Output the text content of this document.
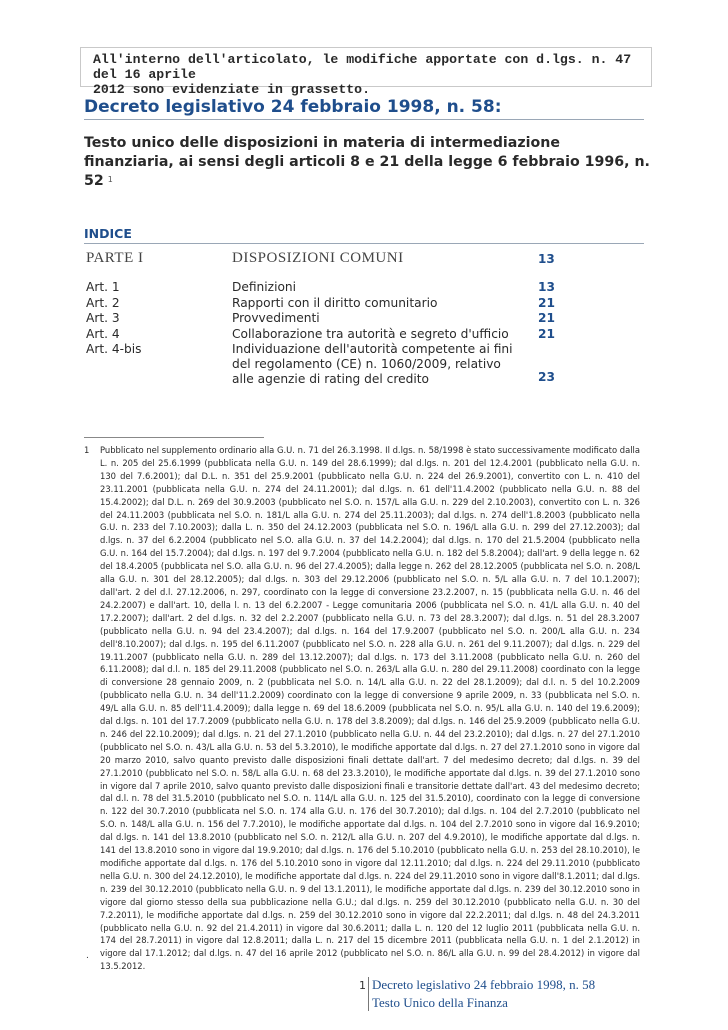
All'interno dell'articolato, le modifiche apportate con d.lgs. n. 47 del 16 aprile
2012 sono evidenziate in grassetto.

Decreto legislativo 24 febbraio 1998, n. 58:

Testo unico delle disposizioni in materia di intermediazione finanziaria, ai sensi degli articoli 8 e 21 della legge 6 febbraio 1996, n. 52 $^1$

INDICE
PARTE I	DISPOSIZIONI COMUNI	13
Art. 1	Definizioni	13
Art. 2	Rapporti con il diritto comunitario	21
Art. 3	Provvedimenti	21
Art. 4	Collaborazione tra autorità e segreto d'ufficio	21
Art. 4-bis	Individuazione dell'autorità competente ai fini del regolamento (CE) n. 1060/2009, relativo alle agenzie di rating del credito	23
1	Pubblicato nel supplemento ordinario alla G.U. n. 71 del 26.3.1998. Il d.lgs. n. 58/1998 è stato successivamente modificato dalla L. n. 205 del 25.6.1999 (pubblicata nella G.U. n. 149 del 28.6.1999); dal d.lgs. n. 201 del 12.4.2001 (pubblicato nella G.U. n. 130 del 7.6.2001); dal D.L. n. 351 del 25.9.2001 (pubblicato nella G.U. n. 224 del 26.9.2001), convertito con L. n. 410 del 23.11.2001 (pubblicata nella G.U. n. 274 del 24.11.2001); dal d.lgs. n. 61 dell'11.4.2002 (pubblicato nella G.U. n. 88 del 15.4.2002); dal D.L. n. 269 del 30.9.2003 (pubblicato nel S.O. n. 157/L alla G.U. n. 229 del 2.10.2003), convertito con L. n. 326 del 24.11.2003 (pubblicata nel S.O. n. 181/L alla G.U. n. 274 del 25.11.2003); dal d.lgs. n. 274 dell'1.8.2003 (pubblicato nella G.U. n. 233 del 7.10.2003); dalla L. n. 350 del 24.12.2003 (pubblicata nel S.O. n. 196/L alla G.U. n. 299 del 27.12.2003); dal d.lgs. n. 37 del 6.2.2004 (pubblicato nel S.O. alla G.U. n. 37 del 14.2.2004); dal d.lgs. n. 170 del 21.5.2004 (pubblicato nella G.U. n. 164 del 15.7.2004); dal d.lgs. n. 197 del 9.7.2004 (pubblicato nella G.U. n. 182 del 5.8.2004); dall'art. 9 della legge n. 62 del 18.4.2005 (pubblicata nel S.O. alla G.U. n. 96 del 27.4.2005); dalla legge n. 262 del 28.12.2005 (pubblicata nel S.O. n. 208/L alla G.U. n. 301 del 28.12.2005); dal d.lgs. n. 303 del 29.12.2006 (pubblicato nel S.O. n. 5/L alla G.U. n. 7 del 10.1.2007); dall'art. 2 del d.l. 27.12.2006, n. 297, coordinato con la legge di conversione 23.2.2007, n. 15 (pubblicata nella G.U. n. 46 del 24.2.2007) e dall'art. 10, della l. n. 13 del 6.2.2007 - Legge comunitaria 2006 (pubblicata nel S.O. n. 41/L alla G.U. n. 40 del 17.2.2007); dall'art. 2 del d.lgs. n. 32 del 2.2.2007 (pubblicato nella G.U. n. 73 del 28.3.2007); dal d.lgs. n. 51 del 28.3.2007 (pubblicato nella G.U. n. 94 del 23.4.2007); dal d.lgs. n. 164 del 17.9.2007 (pubblicato nel S.O. n. 200/L alla G.U. n. 234 dell'8.10.2007); dal d.lgs. n. 195 del 6.11.2007 (pubblicato nel S.O. n. 228 alla G.U. n. 261 del 9.11.2007); dal d.lgs. n. 229 del 19.11.2007 (pubblicato nella G.U. n. 289 del 13.12.2007); dal d.lgs. n. 173 del 3.11.2008 (pubblicato nella G.U. n. 260 del 6.11.2008); dal d.l. n. 185 del 29.11.2008 (pubblicato nel S.O. n. 263/L alla G.U. n. 280 del 29.11.2008) coordinato con la legge di conversione 28 gennaio 2009, n. 2 (pubblicata nel S.O. n. 14/L alla G.U. n. 22 del 28.1.2009); dal d.l. n. 5 del 10.2.2009 (pubblicato nella G.U. n. 34 dell'11.2.2009) coordinato con la legge di conversione 9 aprile 2009, n. 33 (pubblicata nel S.O. n. 49/L alla G.U. n. 85 dell'11.4.2009); dalla legge n. 69 del 18.6.2009 (pubblicata nel S.O. n. 95/L alla G.U. n. 140 del 19.6.2009); dal d.lgs. n. 101 del 17.7.2009 (pubblicato nella G.U. n. 178 del 3.8.2009); dal d.lgs. n. 146 del 25.9.2009 (pubblicato nella G.U. n. 246 del 22.10.2009); dal d.lgs. n. 21 del 27.1.2010 (pubblicato nella G.U. n. 44 del 23.2.2010); dal d.lgs. n. 27 del 27.1.2010 (pubblicato nel S.O. n. 43/L alla G.U. n. 53 del 5.3.2010), le modifiche apportate dal d.lgs. n. 27 del 27.1.2010 sono in vigore dal 20 marzo 2010, salvo quanto previsto dalle disposizioni finali dettate dall'art. 7 del medesimo decreto; dal d.lgs. n. 39 del 27.1.2010 (pubblicato nel S.O. n. 58/L alla G.U. n. 68 del 23.3.2010), le modifiche apportate dal d.lgs. n. 39 del 27.1.2010 sono in vigore dal 7 aprile 2010, salvo quanto previsto dalle disposizioni finali e transitorie dettate dall'art. 43 del medesimo decreto; dal d.l. n. 78 del 31.5.2010 (pubblicato nel S.O. n. 114/L alla G.U. n. 125 del 31.5.2010), coordinato con la legge di conversione n. 122 del 30.7.2010 (pubblicata nel S.O. n. 174 alla G.U. n. 176 del 30.7.2010); dal d.lgs. n. 104 del 2.7.2010 (pubblicato nel S.O. n. 148/L alla G.U. n. 156 del 7.7.2010), le modifiche apportate dal d.lgs. n. 104 del 2.7.2010 sono in vigore dal 16.9.2010; dal d.lgs. n. 141 del 13.8.2010 (pubblicato nel S.O. n. 212/L alla G.U. n. 207 del 4.9.2010), le modifiche apportate dal d.lgs. n. 141 del 13.8.2010 sono in vigore dal 19.9.2010; dal d.lgs. n. 176 del 5.10.2010 (pubblicato nella G.U. n. 253 del 28.10.2010), le modifiche apportate dal d.lgs. n. 176 del 5.10.2010 sono in vigore dal 12.11.2010; dal d.lgs. n. 224 del 29.11.2010 (pubblicato nella G.U. n. 300 del 24.12.2010), le modifiche apportate dal d.lgs. n. 224 del 29.11.2010 sono in vigore dall'8.1.2011; dal d.lgs. n. 239 del 30.12.2010 (pubblicato nella G.U. n. 9 del 13.1.2011), le modifiche apportate dal d.lgs. n. 239 del 30.12.2010 sono in vigore dal giorno stesso della sua pubblicazione nella G.U.; dal d.lgs. n. 259 del 30.12.2010 (pubblicato nella G.U. n. 30 del 7.2.2011), le modifiche apportate dal d.lgs. n. 259 del 30.12.2010 sono in vigore dal 22.2.2011; dal d.lgs. n. 48 del 24.3.2011 (pubblicato nella G.U. n. 92 del 21.4.2011) in vigore dal 30.6.2011; dalla L. n. 120 del 12 luglio 2011 (pubblicata nella G.U. n. 174 del 28.7.2011) in vigore dal 12.8.2011; dalla L. n. 217 del 15 dicembre 2011 (pubblicata nella G.U. n. 1 del 2.1.2012) in vigore dal 17.1.2012; dal d.lgs. n. 47 del 16 aprile 2012 (pubblicato nel S.O. n. 86/L alla G.U. n. 99 del 28.4.2012) in vigore dal 13.5.2012.
.
1 Decreto legislativo 24 febbraio 1998, n. 58
Testo Unico della Finanza
